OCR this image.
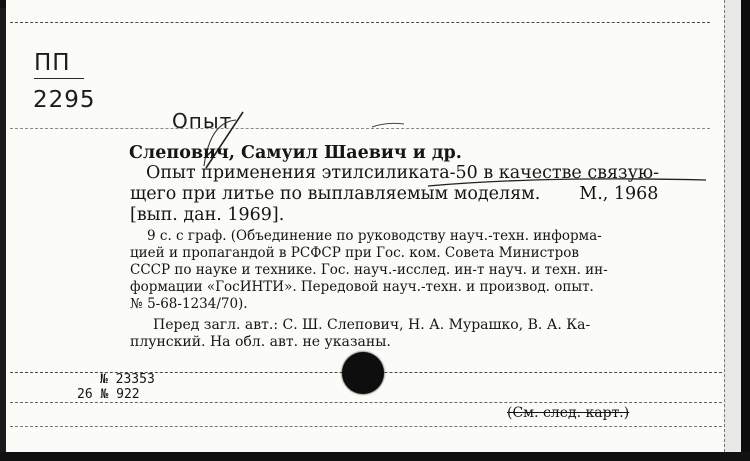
ПП
2295
Опыт
Слепович, Самуил Шаевич и др.
Опыт применения этилсиликата-50 в качестве связую-
щего при литье по выплавляемым моделям.       М., 1968
[вып. дан. 1969].
9 с. с граф. (Объединение по руководству науч.-техн. информа-
цией и пропагандой в РСФСР при Гос. ком. Совета Министров
СССР по науке и технике. Гос. науч.-исслед. ин-т науч. и техн. ин-
формации «ГосИНТИ». Передовой науч.-техн. и производ. опыт.
№ 5-68-1234/70).
Перед загл. авт.: С. Ш. Слепович, Н. А. Мурашко, В. А. Ка-
плунский. На обл. авт. не указаны.
№ 23353
26 № 922
(См. след. карт.)
